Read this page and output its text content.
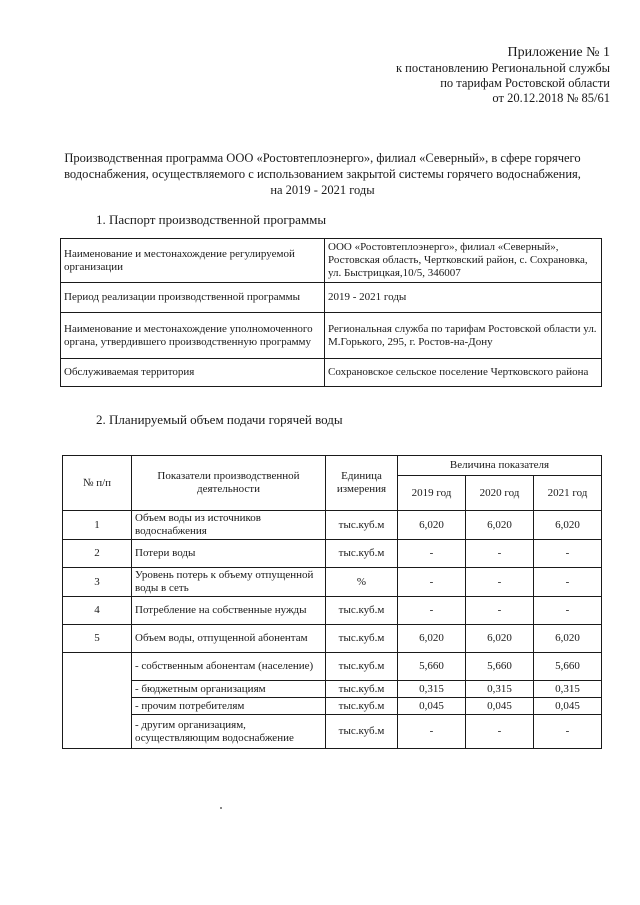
Приложение № 1
к постановлению Региональной службы
по тарифам Ростовской области
от 20.12.2018 № 85/61
Производственная программа ООО «Ростовтеплоэнерго», филиал «Северный», в сфере горячего водоснабжения, осуществляемого с использованием закрытой системы горячего водоснабжения, на 2019 - 2021 годы
1. Паспорт производственной программы
Наименование и местонахождение регулируемой организации	ООО «Ростовтеплоэнерго», филиал «Северный», Ростовская область, Чертковский район, с. Сохрановка, ул. Быстрицкая,10/5, 346007
Период реализации производственной программы	2019 - 2021 годы
Наименование и местонахождение уполномоченного органа, утвердившего производственную программу	Региональная служба по тарифам Ростовской области ул. М.Горького, 295, г. Ростов-на-Дону
Обслуживаемая территория	Сохрановское сельское поселение Чертковского района
2. Планируемый объем подачи горячей воды
№ п/п	Показатели производственной деятельности	Единица измерения	Величина показателя		
			2019 год	2020 год	2021 год
1	Объем воды из источников водоснабжения	тыс.куб.м	6,020	6,020	6,020
2	Потери воды	тыс.куб.м	-	-	-
3	Уровень потерь к объему отпущенной воды в сеть	%	-	-	-
4	Потребление на собственные нужды	тыс.куб.м	-	-	-
5	Объем воды, отпущенной абонентам	тыс.куб.м	6,020	6,020	6,020
	- собственным абонентам (население)	тыс.куб.м	5,660	5,660	5,660
	- бюджетным организациям	тыс.куб.м	0,315	0,315	0,315
	- прочим потребителям	тыс.куб.м	0,045	0,045	0,045
	- другим организациям, осуществляющим водоснабжение	тыс.куб.м	-	-	-
